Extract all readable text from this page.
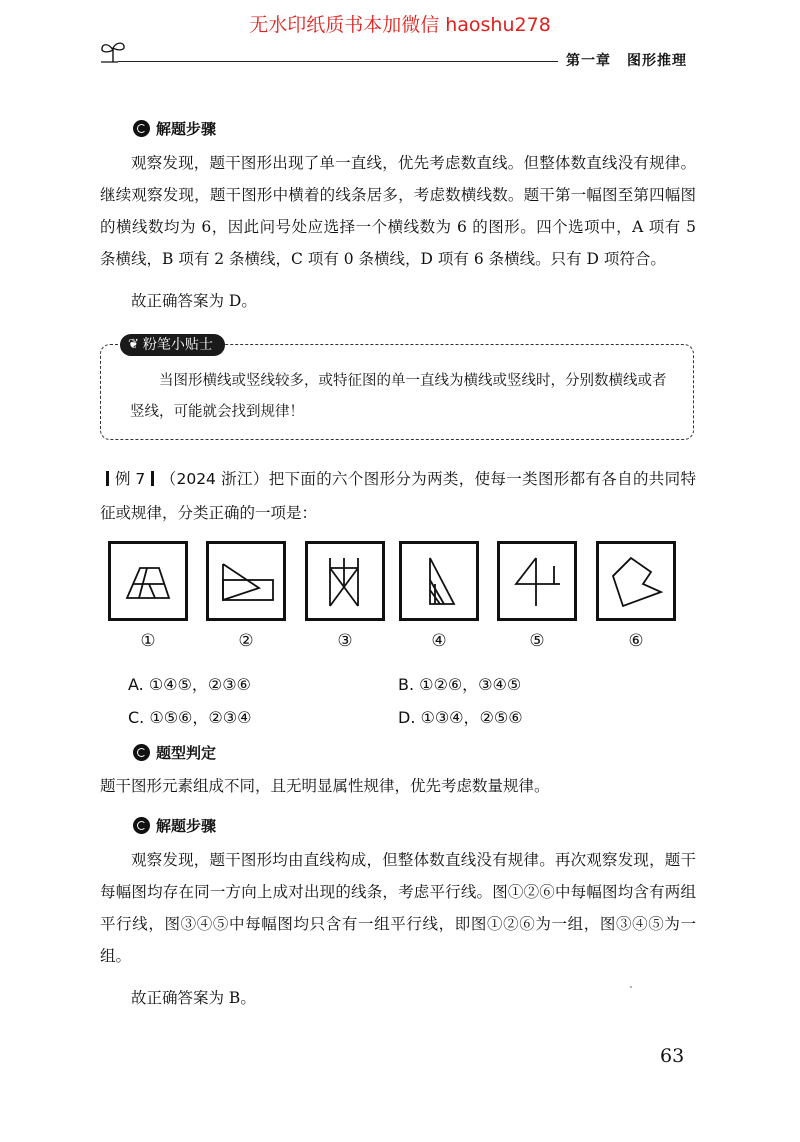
无水印纸质书本加微信 haoshu278
第一章 图形推理
解题步骤
观察发现，题干图形出现了单一直线，优先考虑数直线。但整体数直线没有规律。继续观察发现，题干图形中横着的线条居多，考虑数横线数。题干第一幅图至第四幅图的横线数均为 6，因此问号处应选择一个横线数为 6 的图形。四个选项中，A 项有 5 条横线，B 项有 2 条横线，C 项有 0 条横线，D 项有 6 条横线。只有 D 项符合。
故正确答案为 D。
❦ 粉笔小贴士
当图形横线或竖线较多，或特征图的单一直线为横线或竖线时，分别数横线或者竖线，可能就会找到规律！
例 7 （2024 浙江）把下面的六个图形分为两类，使每一类图形都有各自的共同特征或规律，分类正确的一项是：
①	②	③	④	⑤	⑥
A. ①④⑤，②③⑥	B. ①②⑥，③④⑤
C. ①⑤⑥，②③④	D. ①③④，②⑤⑥
题型判定
题干图形元素组成不同，且无明显属性规律，优先考虑数量规律。
解题步骤
观察发现，题干图形均由直线构成，但整体数直线没有规律。再次观察发现，题干每幅图均存在同一方向上成对出现的线条，考虑平行线。图①②⑥中每幅图均含有两组平行线，图③④⑤中每幅图均只含有一组平行线，即图①②⑥为一组，图③④⑤为一组。
故正确答案为 B。
63
